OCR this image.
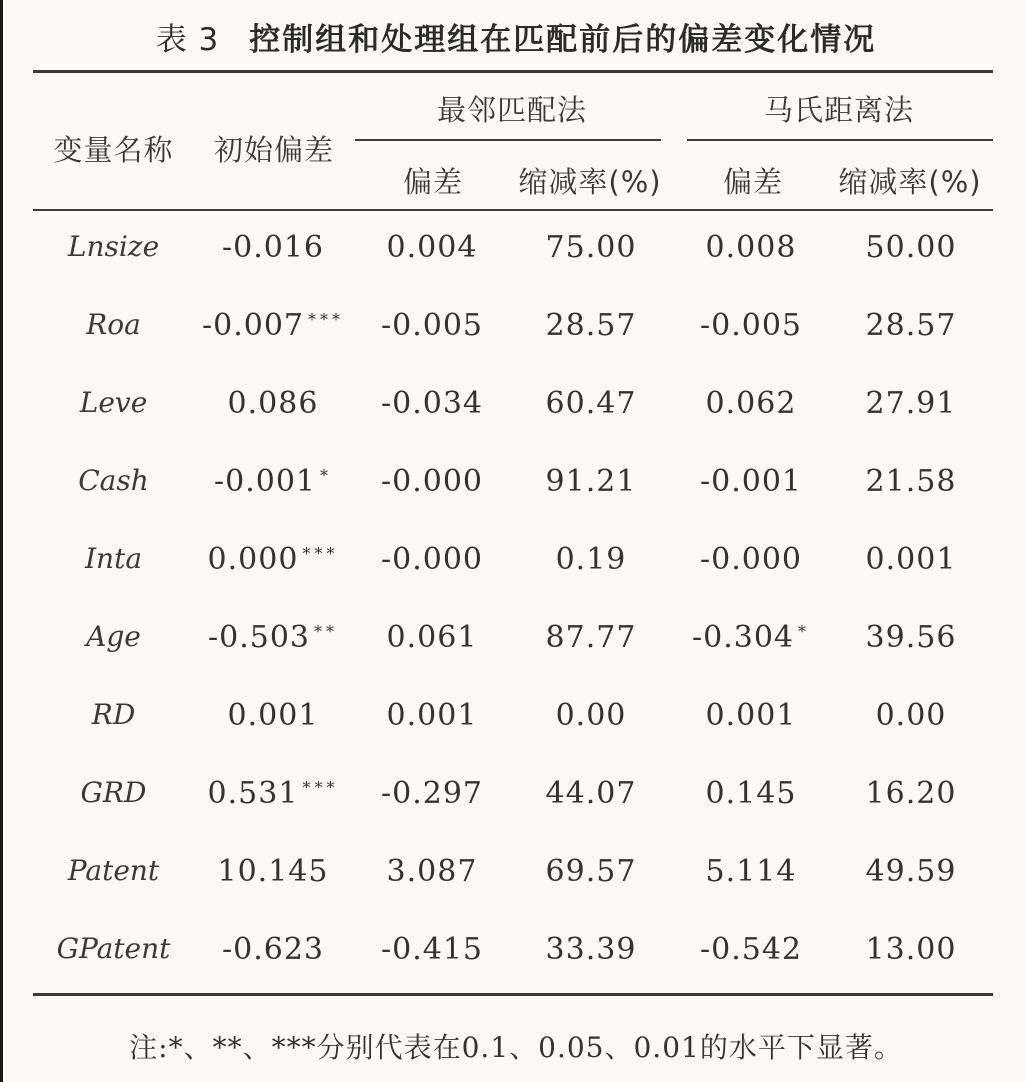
表 3 控制组和处理组在匹配前后的偏差变化情况
变量名称	初始偏差
最邻匹配法	马氏距离法
偏差	缩减率(%)	偏差	缩减率(%)
Lnsize	-0.016	0.004	75.00	0.008	50.00
Roa	-0.007 ***	-0.005	28.57	-0.005	28.57
Leve	0.086	-0.034	60.47	0.062	27.91
Cash	-0.001 *	-0.000	91.21	-0.001	21.58
Inta	0.000 ***	-0.000	0.19	-0.000	0.001
Age	-0.503 **	0.061	87.77	-0.304 *	39.56
RD	0.001	0.001	0.00	0.001	0.00
GRD	0.531 ***	-0.297	44.07	0.145	16.20
Patent	10.145	3.087	69.57	5.114	49.59
GPatent	-0.623	-0.415	33.39	-0.542	13.00
注:*、**、***分别代表在0.1、0.05、0.01的水平下显著。
